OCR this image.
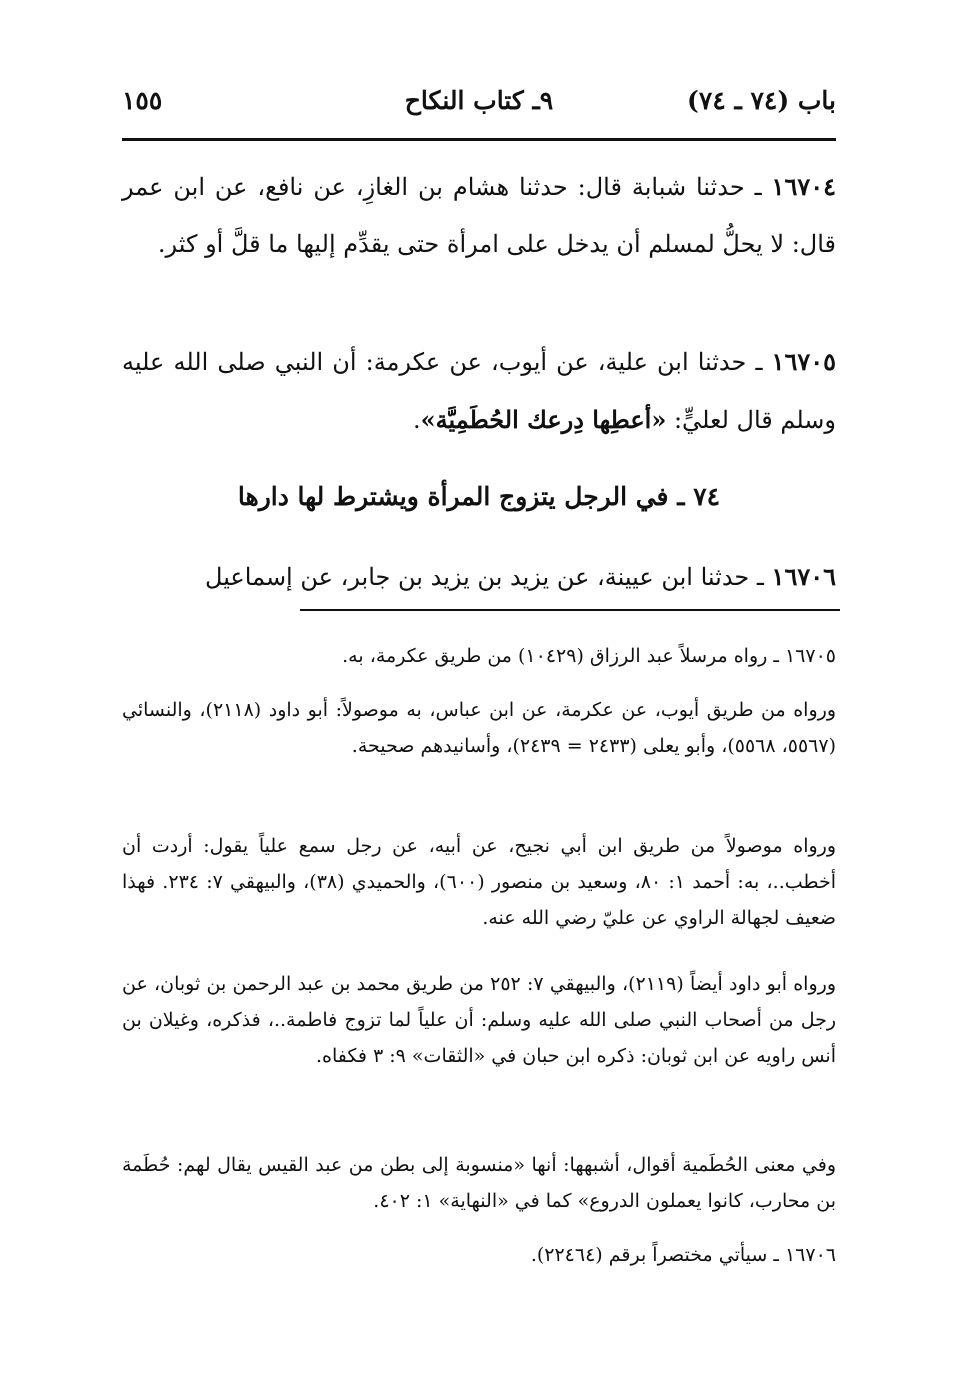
باب (٧٤ ـ ٧٤)
٩ـ كتاب النكاح
١٥٥

١٦٧٠٤ ـ حدثنا شبابة قال: حدثنا هشام بن الغازِ، عن نافع، عن ابن عمر قال: لا يحلُّ لمسلم أن يدخل على امرأة حتى يقدِّم إليها ما قلَّ أو كثر.

١٦٧٠٥ ـ حدثنا ابن علية، عن أيوب، عن عكرمة: أن النبي صلى الله عليه وسلم قال لعليٍّ: «أعطِها دِرعك الحُطَمِيَّة».

٧٤ ـ في الرجل يتزوج المرأة ويشترط لها دارها

١٦٧٠٦ ـ حدثنا ابن عيينة، عن يزيد بن يزيد بن جابر، عن إسماعيل

١٦٧٠٥ ـ رواه مرسلاً عبد الرزاق (١٠٤٢٩) من طريق عكرمة، به.

ورواه من طريق أيوب، عن عكرمة، عن ابن عباس، به موصولاً: أبو داود (٢١١٨)، والنسائي (٥٥٦٧، ٥٥٦٨)، وأبو يعلى (٢٤٣٣ = ٢٤٣٩)، وأسانيدهم صحيحة.

ورواه موصولاً من طريق ابن أبي نجيح، عن أبيه، عن رجل سمع علياً يقول: أردت أن أخطب..، به: أحمد ١: ٨٠، وسعيد بن منصور (٦٠٠)، والحميدي (٣٨)، والبيهقي ٧: ٢٣٤. فهذا ضعيف لجهالة الراوي عن عليّ رضي الله عنه.

ورواه أبو داود أيضاً (٢١١٩)، والبيهقي ٧: ٢٥٢ من طريق محمد بن عبد الرحمن بن ثوبان، عن رجل من أصحاب النبي صلى الله عليه وسلم: أن علياً لما تزوج فاطمة..، فذكره، وغيلان بن أنس راويه عن ابن ثوبان: ذكره ابن حبان في «الثقات» ٩: ٣ فكفاه.

وفي معنى الحُطَمية أقوال، أشبهها: أنها «منسوبة إلى بطن من عبد القيس يقال لهم: حُطَمة بن محارب، كانوا يعملون الدروع» كما في «النهاية» ١: ٤٠٢.

١٦٧٠٦ ـ سيأتي مختصراً برقم (٢٢٤٦٤).
